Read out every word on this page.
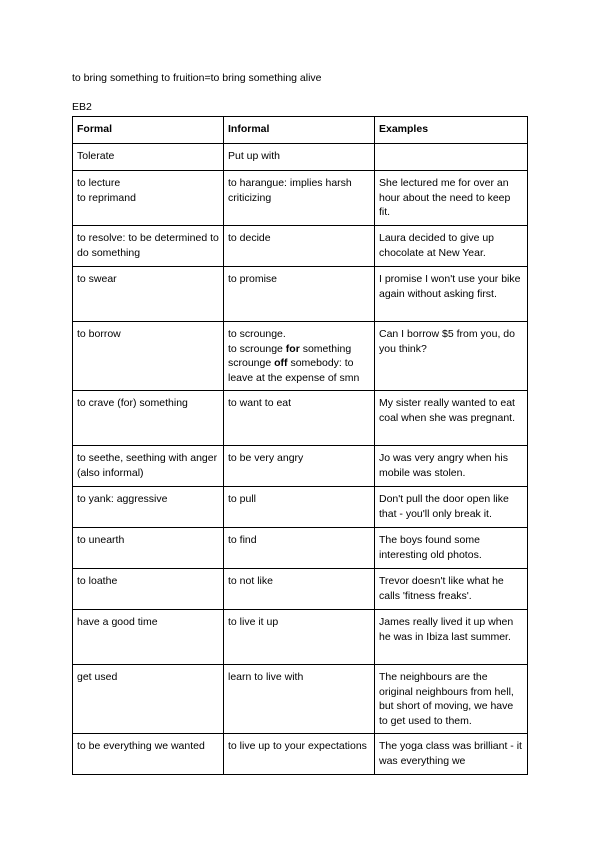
to bring something to fruition=to bring something alive
EB2
Formal	Informal	Examples

Tolerate	Put up with	

to lecture
to reprimand	to harangue: implies harsh criticizing	She lectured me for over an hour about the need to keep fit.

to resolve: to be determined to do something	to decide	Laura decided to give up chocolate at New Year.

to swear	to promise	I promise I won't use your bike again without asking first.

to borrow	to scrounge.
to scrounge for something
scrounge off somebody: to leave at the expense of smn	Can I borrow $5 from you, do you think?

to crave (for) something	to want to eat	My sister really wanted to eat coal when she was pregnant.

to seethe, seething with anger (also informal)	to be very angry	Jo was very angry when his mobile was stolen.

to yank: aggressive	to pull	Don't pull the door open like that - you'll only break it.

to unearth	to find	The boys found some interesting old photos.

to loathe	to not like	Trevor doesn't like what he calls 'fitness freaks'.

have a good time	to live it up	James really lived it up when he was in Ibiza last summer.

get used	learn to live with	The neighbours are the original neighbours from hell, but short of moving, we have to get used to them.

to be everything we wanted	to live up to your expectations	The yoga class was brilliant - it was everything we
